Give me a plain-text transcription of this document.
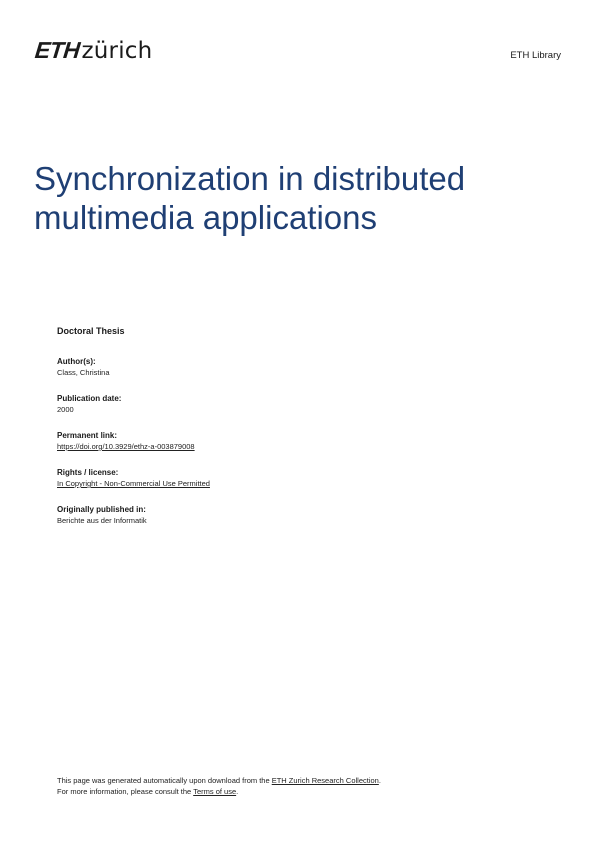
ETH zürich	ETH Library
Synchronization in distributed
multimedia applications
Doctoral Thesis
Author(s):
Class, Christina
Publication date:
2000
Permanent link:
https://doi.org/10.3929/ethz-a-003879008
Rights / license:
In Copyright - Non-Commercial Use Permitted
Originally published in:
Berichte aus der Informatik
This page was generated automatically upon download from the ETH Zurich Research Collection.
For more information, please consult the Terms of use.
